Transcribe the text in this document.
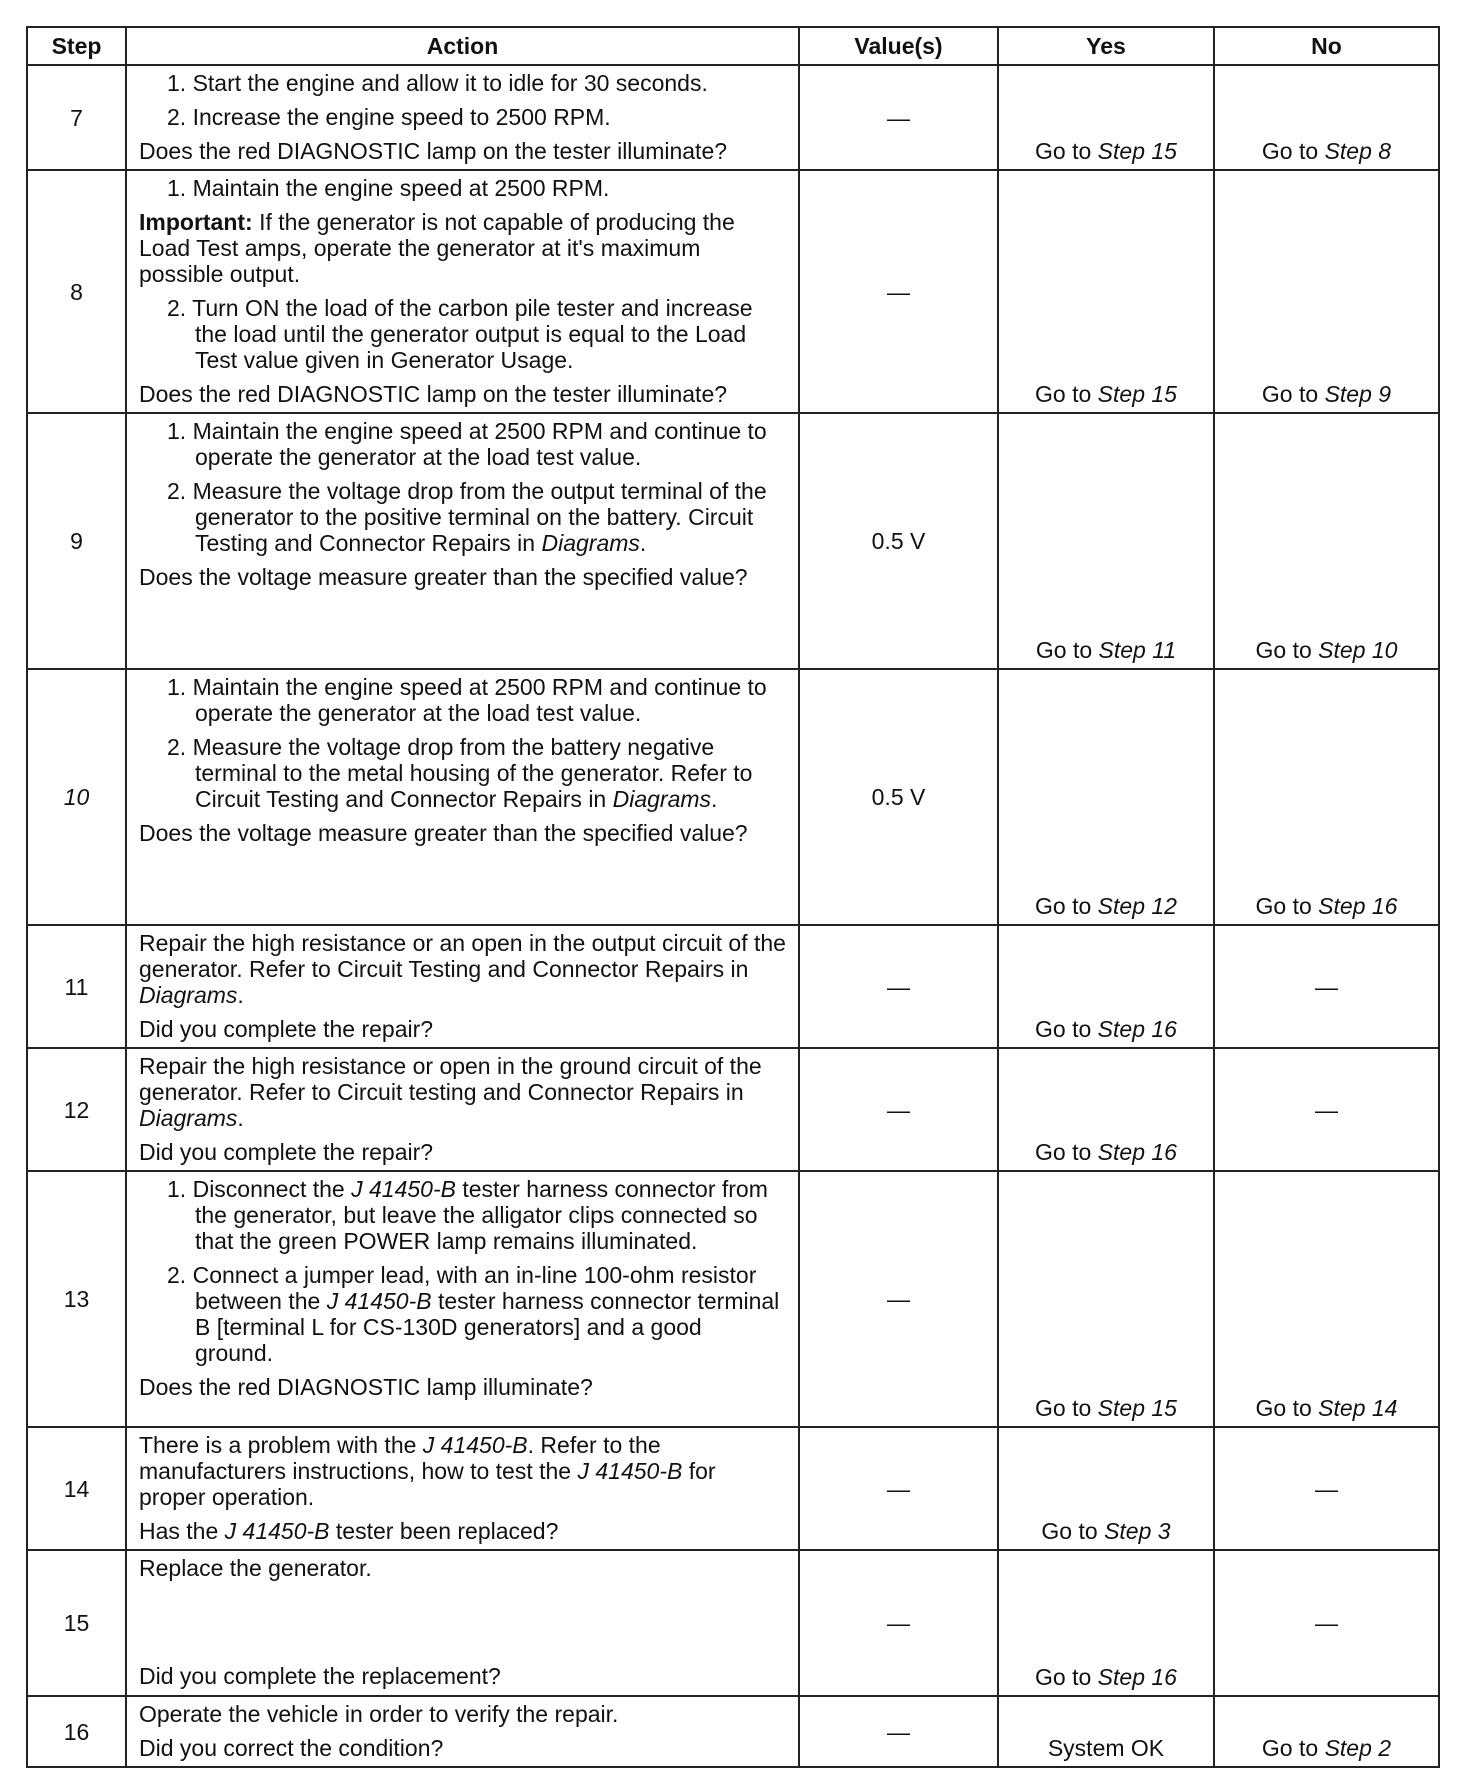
Step	Action	Value(s)	Yes	No
7	1. Start the engine and allow it to idle for 30 seconds.
2. Increase the engine speed to 2500 RPM.
Does the red DIAGNOSTIC lamp on the tester illuminate?	—	Go to Step 15	Go to Step 8
8	1. Maintain the engine speed at 2500 RPM.
Important: If the generator is not capable of producing the Load Test amps, operate the generator at it's maximum possible output.
2. Turn ON the load of the carbon pile tester and increase the load until the generator output is equal to the Load Test value given in Generator Usage.
Does the red DIAGNOSTIC lamp on the tester illuminate?	—	Go to Step 15	Go to Step 9
9	1. Maintain the engine speed at 2500 RPM and continue to operate the generator at the load test value.
2. Measure the voltage drop from the output terminal of the generator to the positive terminal on the battery. Circuit Testing and Connector Repairs in Diagrams.
Does the voltage measure greater than the specified value?	0.5 V	Go to Step 11	Go to Step 10
10	1. Maintain the engine speed at 2500 RPM and continue to operate the generator at the load test value.
2. Measure the voltage drop from the battery negative terminal to the metal housing of the generator. Refer to Circuit Testing and Connector Repairs in Diagrams.
Does the voltage measure greater than the specified value?	0.5 V	Go to Step 12	Go to Step 16
11	Repair the high resistance or an open in the output circuit of the generator. Refer to Circuit Testing and Connector Repairs in Diagrams.
Did you complete the repair?	—	Go to Step 16	—
12	Repair the high resistance or open in the ground circuit of the generator. Refer to Circuit testing and Connector Repairs in Diagrams.
Did you complete the repair?	—	Go to Step 16	—
13	1. Disconnect the J 41450-B tester harness connector from the generator, but leave the alligator clips connected so that the green POWER lamp remains illuminated.
2. Connect a jumper lead, with an in-line 100-ohm resistor between the J 41450-B tester harness connector terminal B [terminal L for CS-130D generators] and a good ground.
Does the red DIAGNOSTIC lamp illuminate?	—	Go to Step 15	Go to Step 14
14	There is a problem with the J 41450-B. Refer to the manufacturers instructions, how to test the J 41450-B for proper operation.
Has the J 41450-B tester been replaced?	—	Go to Step 3	—
15	Replace the generator.
Did you complete the replacement?	—	Go to Step 16	—
16	Operate the vehicle in order to verify the repair.
Did you correct the condition?	—	System OK	Go to Step 2
